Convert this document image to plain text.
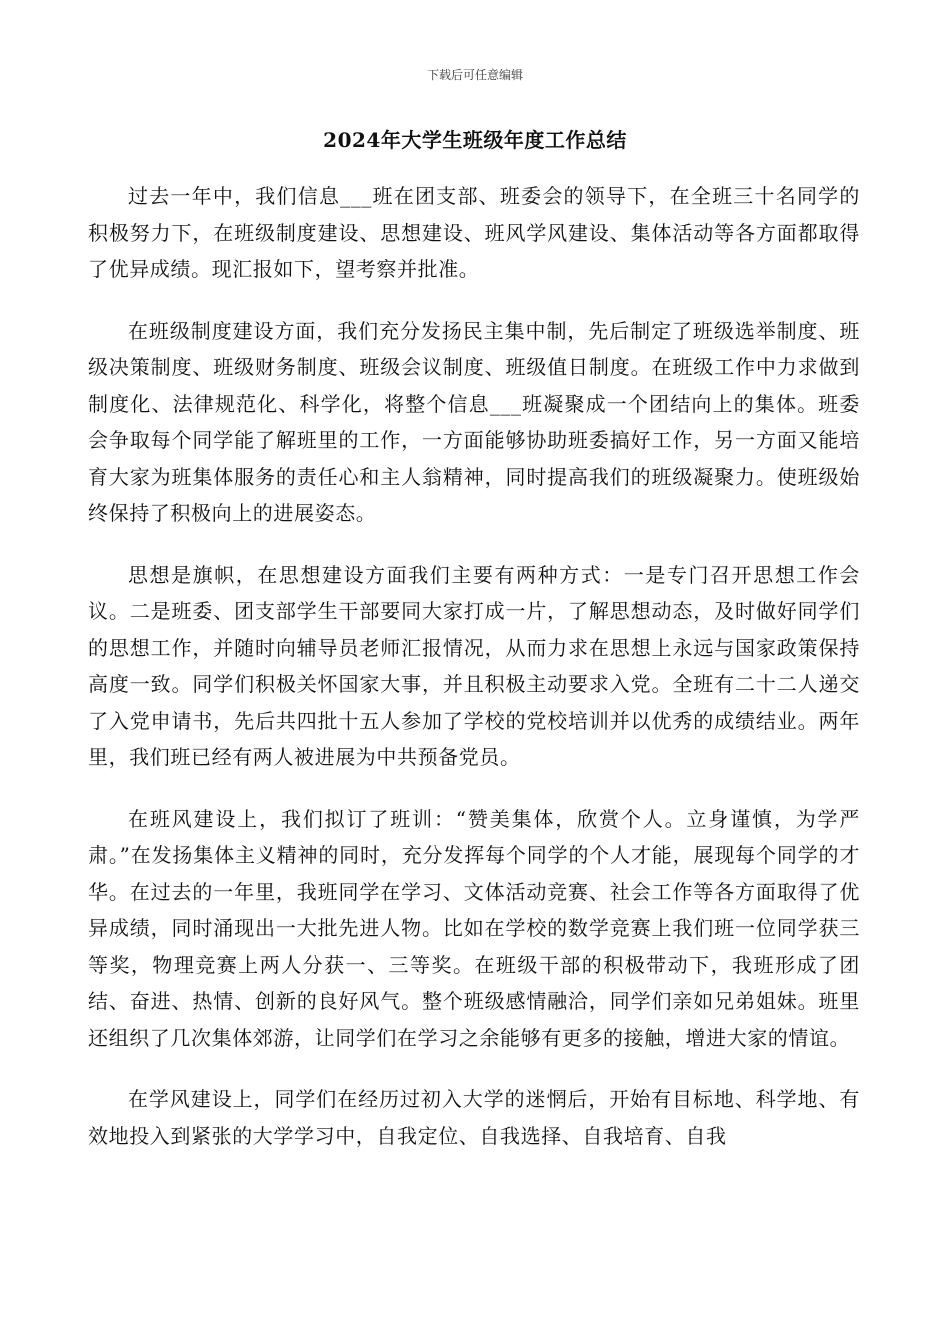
下载后可任意编辑
2024年大学生班级年度工作总结

过去一年中，我们信息___班在团支部、班委会的领导下，在全班三十名同学的积极努力下，在班级制度建设、思想建设、班风学风建设、集体活动等各方面都取得了优异成绩。现汇报如下，望考察并批准。

在班级制度建设方面，我们充分发扬民主集中制，先后制定了班级选举制度、班级决策制度、班级财务制度、班级会议制度、班级值日制度。在班级工作中力求做到制度化、法律规范化、科学化，将整个信息___班凝聚成一个团结向上的集体。班委会争取每个同学能了解班里的工作，一方面能够协助班委搞好工作，另一方面又能培育大家为班集体服务的责任心和主人翁精神，同时提高我们的班级凝聚力。使班级始终保持了积极向上的进展姿态。

思想是旗帜，在思想建设方面我们主要有两种方式：一是专门召开思想工作会议。二是班委、团支部学生干部要同大家打成一片，了解思想动态，及时做好同学们的思想工作，并随时向辅导员老师汇报情况，从而力求在思想上永远与国家政策保持高度一致。同学们积极关怀国家大事，并且积极主动要求入党。全班有二十二人递交了入党申请书，先后共四批十五人参加了学校的党校培训并以优秀的成绩结业。两年里，我们班已经有两人被进展为中共预备党员。

在班风建设上，我们拟订了班训：“赞美集体，欣赏个人。立身谨慎，为学严肃。”在发扬集体主义精神的同时，充分发挥每个同学的个人才能，展现每个同学的才华。在过去的一年里，我班同学在学习、文体活动竞赛、社会工作等各方面取得了优异成绩，同时涌现出一大批先进人物。比如在学校的数学竞赛上我们班一位同学获三等奖，物理竞赛上两人分获一、三等奖。在班级干部的积极带动下，我班形成了团结、奋进、热情、创新的良好风气。整个班级感情融洽，同学们亲如兄弟姐妹。班里还组织了几次集体郊游，让同学们在学习之余能够有更多的接触，增进大家的情谊。

在学风建设上，同学们在经历过初入大学的迷惘后，开始有目标地、科学地、有效地投入到紧张的大学学习中，自我定位、自我选择、自我培育、自我
